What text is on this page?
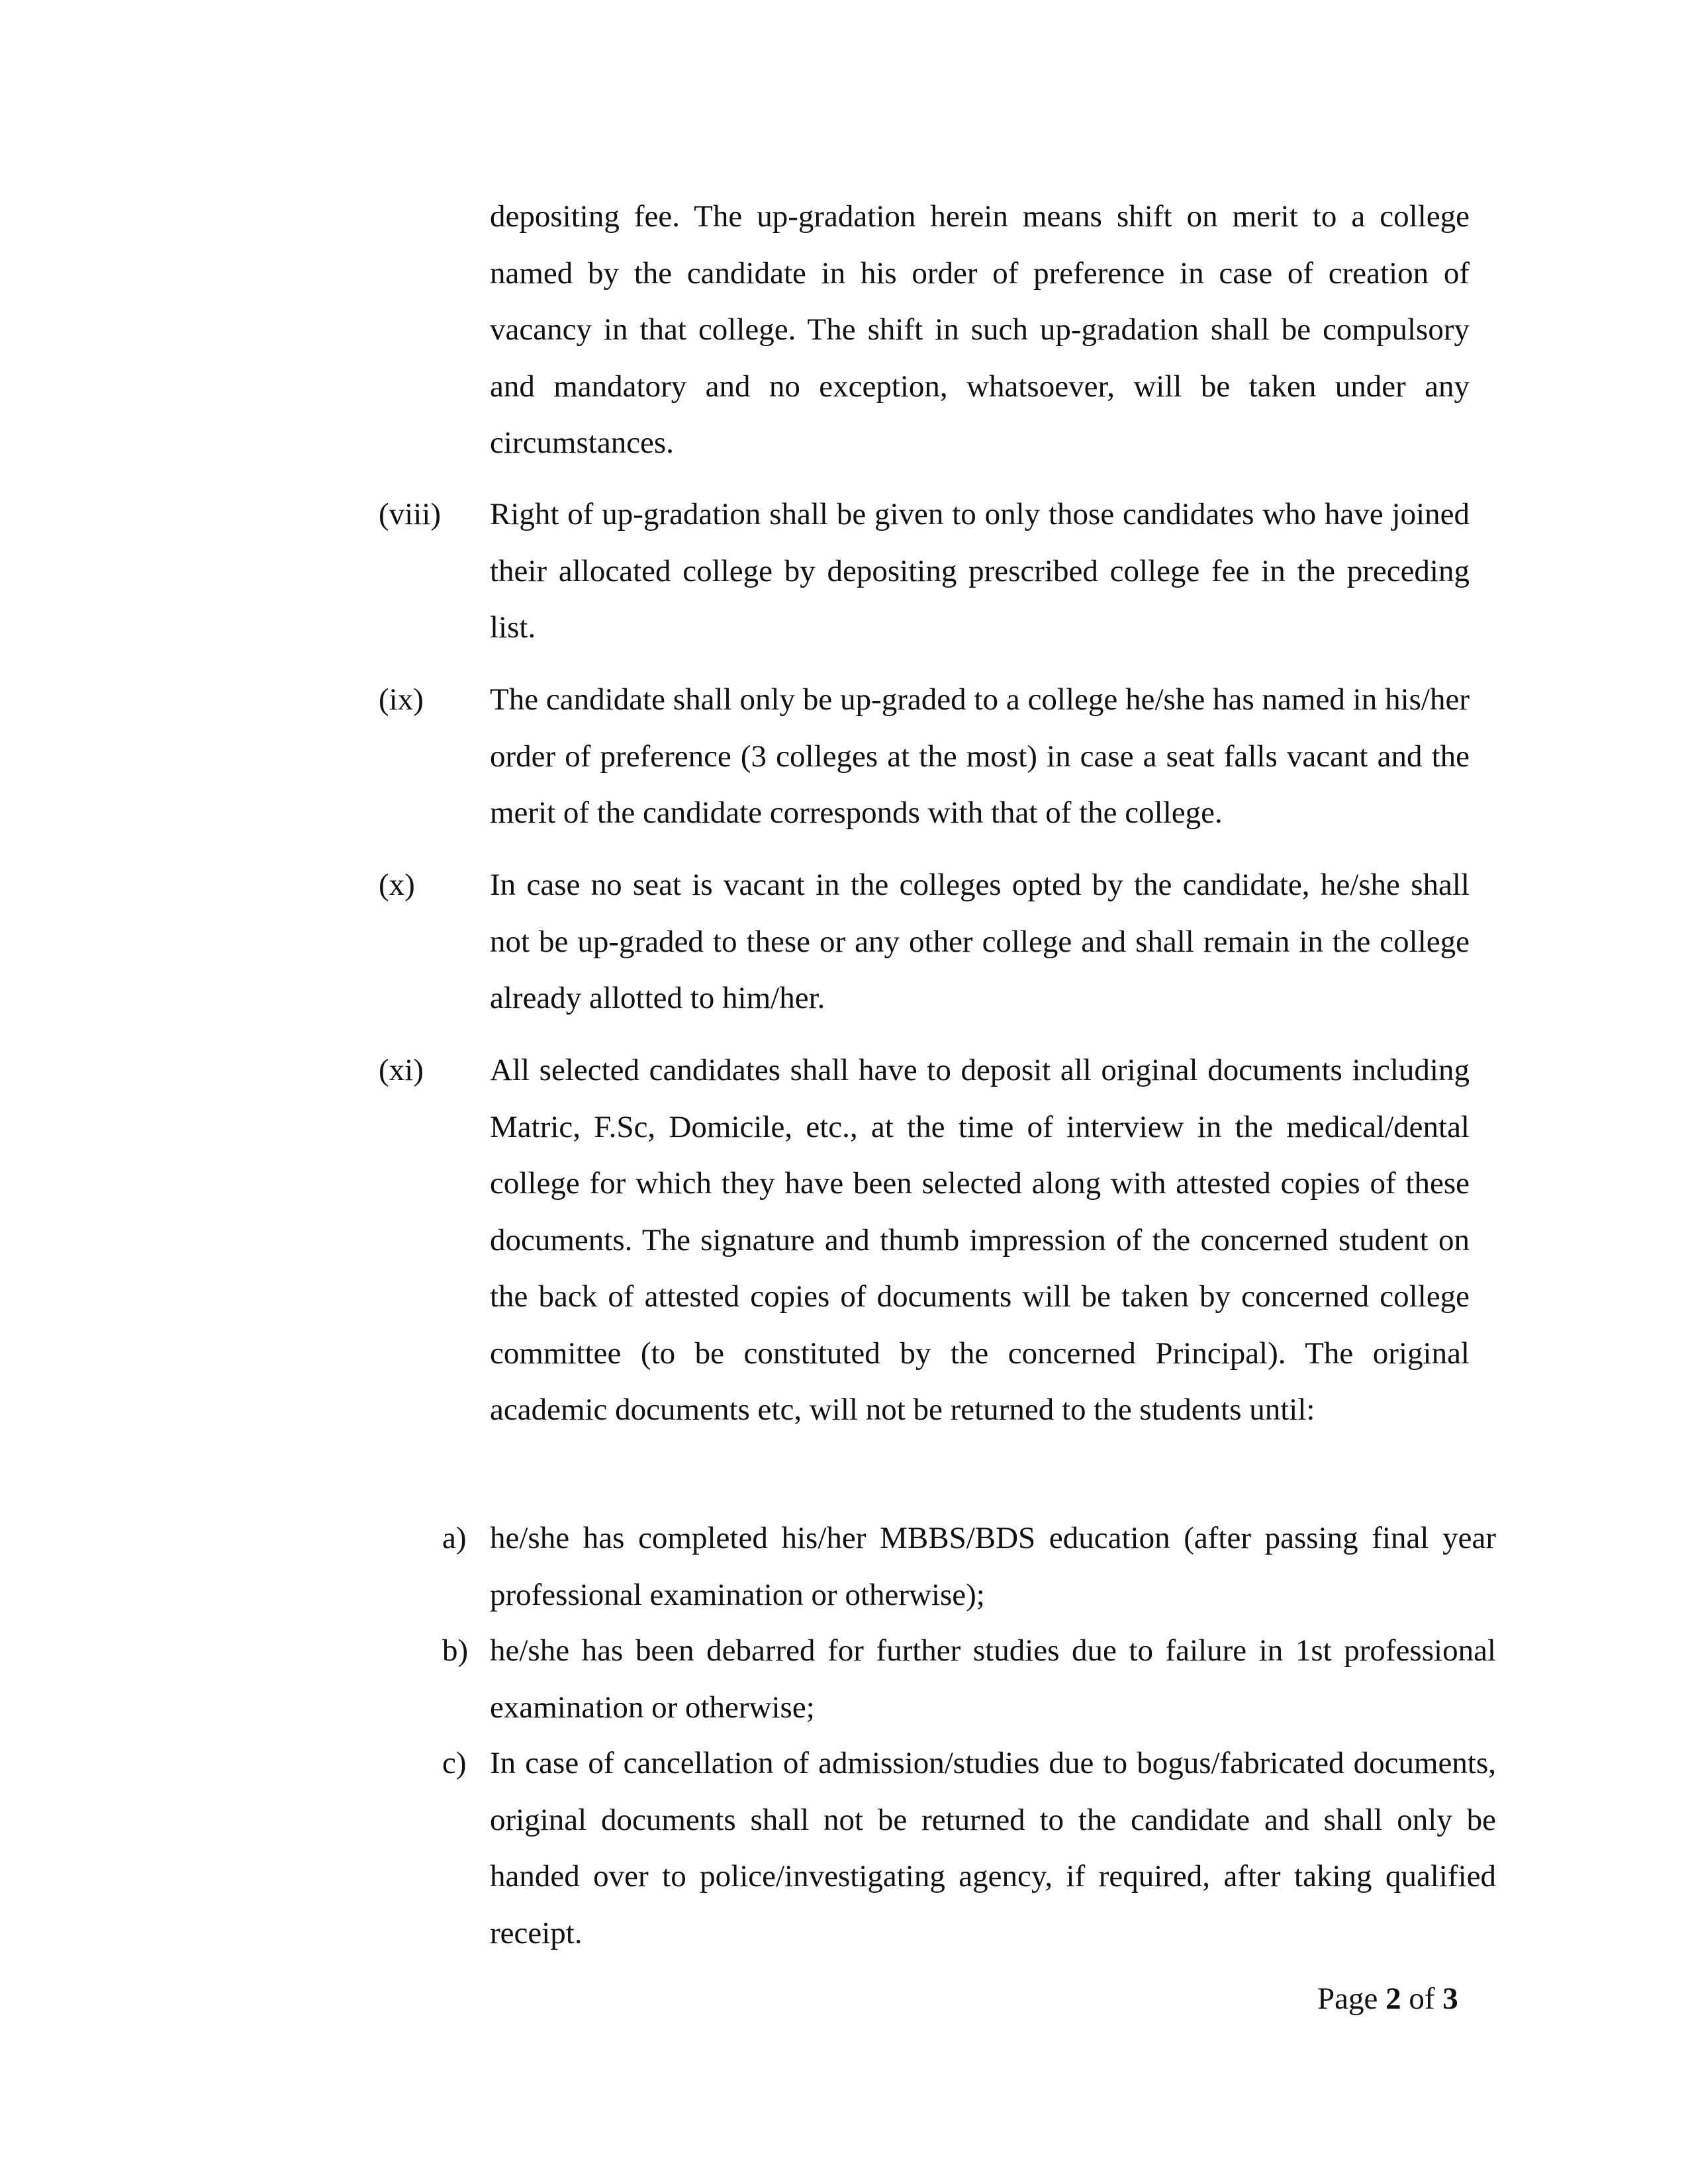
depositing fee. The up-gradation herein means shift on merit to a college named by the candidate in his order of preference in case of creation of vacancy in that college. The shift in such up-gradation shall be compulsory and mandatory and no exception, whatsoever, will be taken under any circumstances.
(viii) Right of up-gradation shall be given to only those candidates who have joined their allocated college by depositing prescribed college fee in the preceding list.
(ix) The candidate shall only be up-graded to a college he/she has named in his/her order of preference (3 colleges at the most) in case a seat falls vacant and the merit of the candidate corresponds with that of the college.
(x) In case no seat is vacant in the colleges opted by the candidate, he/she shall not be up-graded to these or any other college and shall remain in the college already allotted to him/her.
(xi) All selected candidates shall have to deposit all original documents including Matric, F.Sc, Domicile, etc., at the time of interview in the medical/dental college for which they have been selected along with attested copies of these documents. The signature and thumb impression of the concerned student on the back of attested copies of documents will be taken by concerned college committee (to be constituted by the concerned Principal). The original academic documents etc, will not be returned to the students until:
a) he/she has completed his/her MBBS/BDS education (after passing final year professional examination or otherwise);
b) he/she has been debarred for further studies due to failure in 1st professional examination or otherwise;
c) In case of cancellation of admission/studies due to bogus/fabricated documents, original documents shall not be returned to the candidate and shall only be handed over to police/investigating agency, if required, after taking qualified receipt.
Page 2 of 3
